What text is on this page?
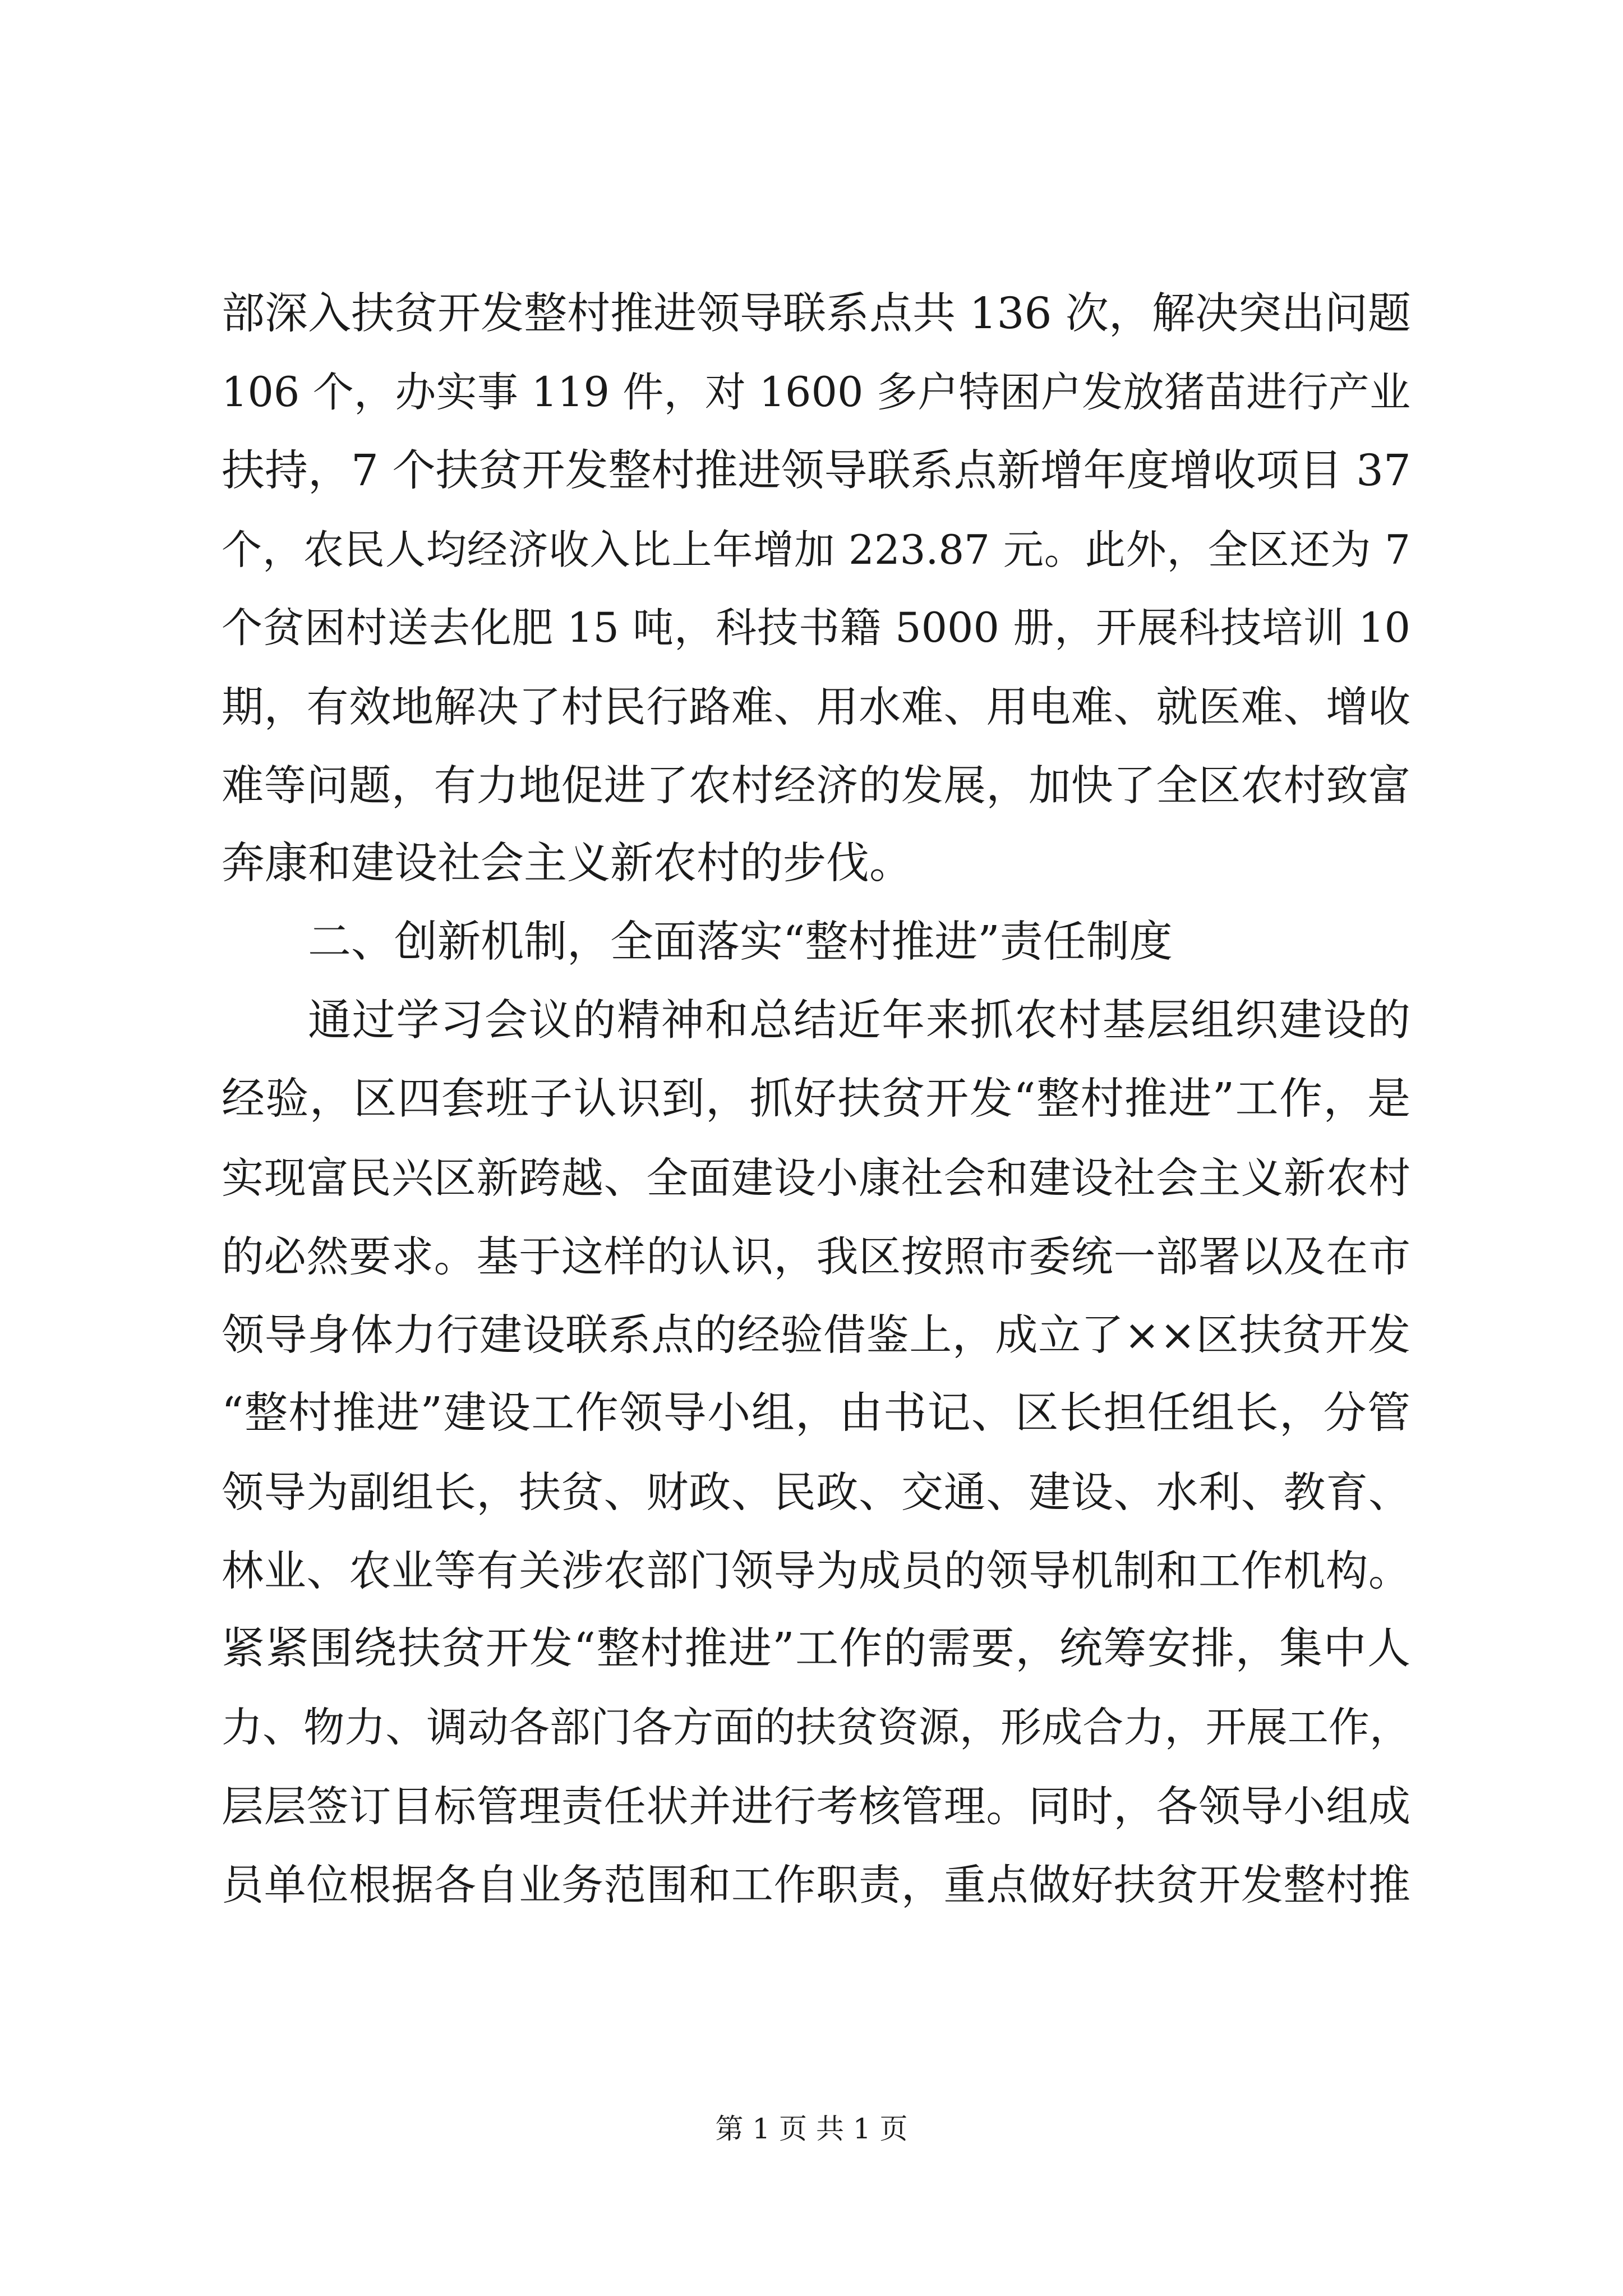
部深入扶贫开发整村推进领导联系点共 136 次，解决突出问题
106 个，办实事 119 件，对 1600 多户特困户发放猪苗进行产业
扶持，7 个扶贫开发整村推进领导联系点新增年度增收项目 37
个，农民人均经济收入比上年增加 223.87 元。此外，全区还为 7
个贫困村送去化肥 15 吨，科技书籍 5000 册，开展科技培训 10
期，有效地解决了村民行路难、用水难、用电难、就医难、增收
难等问题，有力地促进了农村经济的发展，加快了全区农村致富
奔康和建设社会主义新农村的步伐。
二、创新机制，全面落实“整村推进”责任制度
通过学习会议的精神和总结近年来抓农村基层组织建设的
经验，区四套班子认识到，抓好扶贫开发“整村推进”工作，是
实现富民兴区新跨越、全面建设小康社会和建设社会主义新农村
的必然要求。基于这样的认识，我区按照市委统一部署以及在市
领导身体力行建设联系点的经验借鉴上，成立了××区扶贫开发
“整村推进”建设工作领导小组，由书记、区长担任组长，分管
领导为副组长，扶贫、财政、民政、交通、建设、水利、教育、
林业、农业等有关涉农部门领导为成员的领导机制和工作机构。
紧紧围绕扶贫开发“整村推进”工作的需要，统筹安排，集中人
力、物力、调动各部门各方面的扶贫资源，形成合力，开展工作，
层层签订目标管理责任状并进行考核管理。同时，各领导小组成
员单位根据各自业务范围和工作职责，重点做好扶贫开发整村推
第 1 页 共 1 页
